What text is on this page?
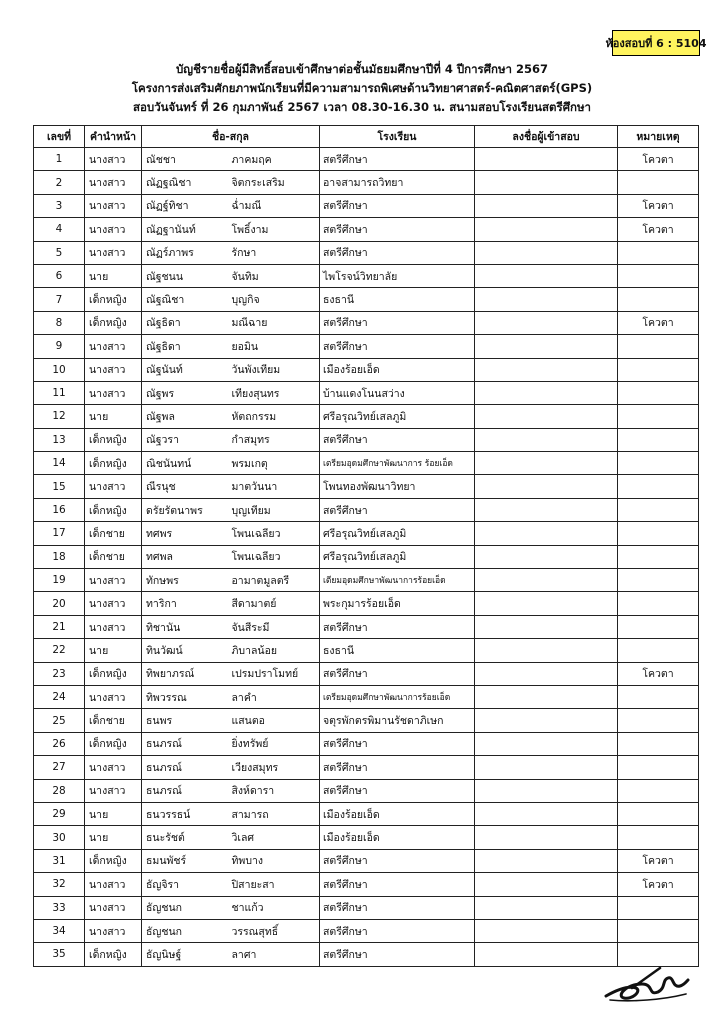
ห้องสอบที่ 6 : 5104
บัญชีรายชื่อผู้มีสิทธิ์สอบเข้าศึกษาต่อชั้นมัธยมศึกษาปีที่ 4 ปีการศึกษา 2567
โครงการส่งเสริมศักยภาพนักเรียนที่มีความสามารถพิเศษด้านวิทยาศาสตร์-คณิตศาสตร์(GPS)
สอบวันจันทร์ ที่ 26 กุมภาพันธ์ 2567 เวลา 08.30-16.30 น. สนามสอบโรงเรียนสตรีศึกษา
เลขที่	คำนำหน้า	ชื่อ-สกุล		โรงเรียน	ลงชื่อผู้เข้าสอบ	หมายเหตุ
1	นางสาว	ณัชชา	ภาคมฤค	สตรีศึกษา		โควตา
2	นางสาว	ณัฏฐณิชา	จิตกระเสริม	อาจสามารถวิทยา		
3	นางสาว	ณัฏฐ์ทิชา	ฉ่ำมณี	สตรีศึกษา		โควตา
4	นางสาว	ณัฏฐานันท์	โพธิ์งาม	สตรีศึกษา		โควตา
5	นางสาว	ณัฏร์ภาพร	รักษา	สตรีศึกษา		
6	นาย	ณัฐชนน	จันทิม	ไพโรจน์วิทยาลัย		
7	เด็กหญิง	ณัฐณิชา	บุญกิจ	ธงธานี		
8	เด็กหญิง	ณัฐธิดา	มณีฉาย	สตรีศึกษา		โควตา
9	นางสาว	ณัฐธิดา	ยอมิน	สตรีศึกษา		
10	นางสาว	ณัฐนันท์	วันพังเทียม	เมืองร้อยเอ็ด		
11	นางสาว	ณัฐพร	เทียงสุนทร	บ้านแดงโนนสว่าง		
12	นาย	ณัฐพล	หัตถกรรม	ศรีอรุณวิทย์เสลภูมิ		
13	เด็กหญิง	ณัฐวรา	กำสมุทร	สตรีศึกษา		
14	เด็กหญิง	ณิชนันทน์	พรมเกตุ	เตรียมอุดมศึกษาพัฒนาการ ร้อยเอ็ด		
15	นางสาว	ณีรนุช	มาตวันนา	โพนทองพัฒนาวิทยา		
16	เด็กหญิง	ดรัยรัตนาพร	บุญเทียม	สตรีศึกษา		
17	เด็กชาย	ทศพร	โพนเฉลียว	ศรีอรุณวิทย์เสลภูมิ		
18	เด็กชาย	ทศพล	โพนเฉลียว	ศรีอรุณวิทย์เสลภูมิ		
19	นางสาว	ทักษพร	อามาตมูลตรี	เตียมอุดมศึกษาพัฒนาการร้อยเอ็ด		
20	นางสาว	ทาริกา	สีดามาตย์	พระกุมารร้อยเอ็ด		
21	นางสาว	ทิชานัน	จันสีระมี	สตรีศึกษา		
22	นาย	ทินวัฒน์	ภิบาลน้อย	ธงธานี		
23	เด็กหญิง	ทิพยาภรณ์	เปรมปราโมทย์	สตรีศึกษา		โควตา
24	นางสาว	ทิพวรรณ	ลาคำ	เตรียมอุดมศึกษาพัฒนาการร้อยเอ็ด		
25	เด็กชาย	ธนพร	แสนตอ	จตุรพักตรพิมานรัชดาภิเษก		
26	เด็กหญิง	ธนภรณ์	ยิ่งทรัพย์	สตรีศึกษา		
27	นางสาว	ธนภรณ์	เวียงสมุทร	สตรีศึกษา		
28	นางสาว	ธนภรณ์	สิงห์ดารา	สตรีศึกษา		
29	นาย	ธนวรรธน์	สามารถ	เมืองร้อยเอ็ด		
30	นาย	ธนะรัชต์	วิเลศ	เมืองร้อยเอ็ด		
31	เด็กหญิง	ธมนพัชร์	ทิพบาง	สตรีศึกษา		โควตา
32	นางสาว	ธัญจิรา	ปิสายะสา	สตรีศึกษา		โควตา
33	นางสาว	ธัญชนก	ชาแก้ว	สตรีศึกษา		
34	นางสาว	ธัญชนก	วรรณสุทธิ์	สตรีศึกษา		
35	เด็กหญิง	ธัญนิษฐ์	ลาศา	สตรีศึกษา		
